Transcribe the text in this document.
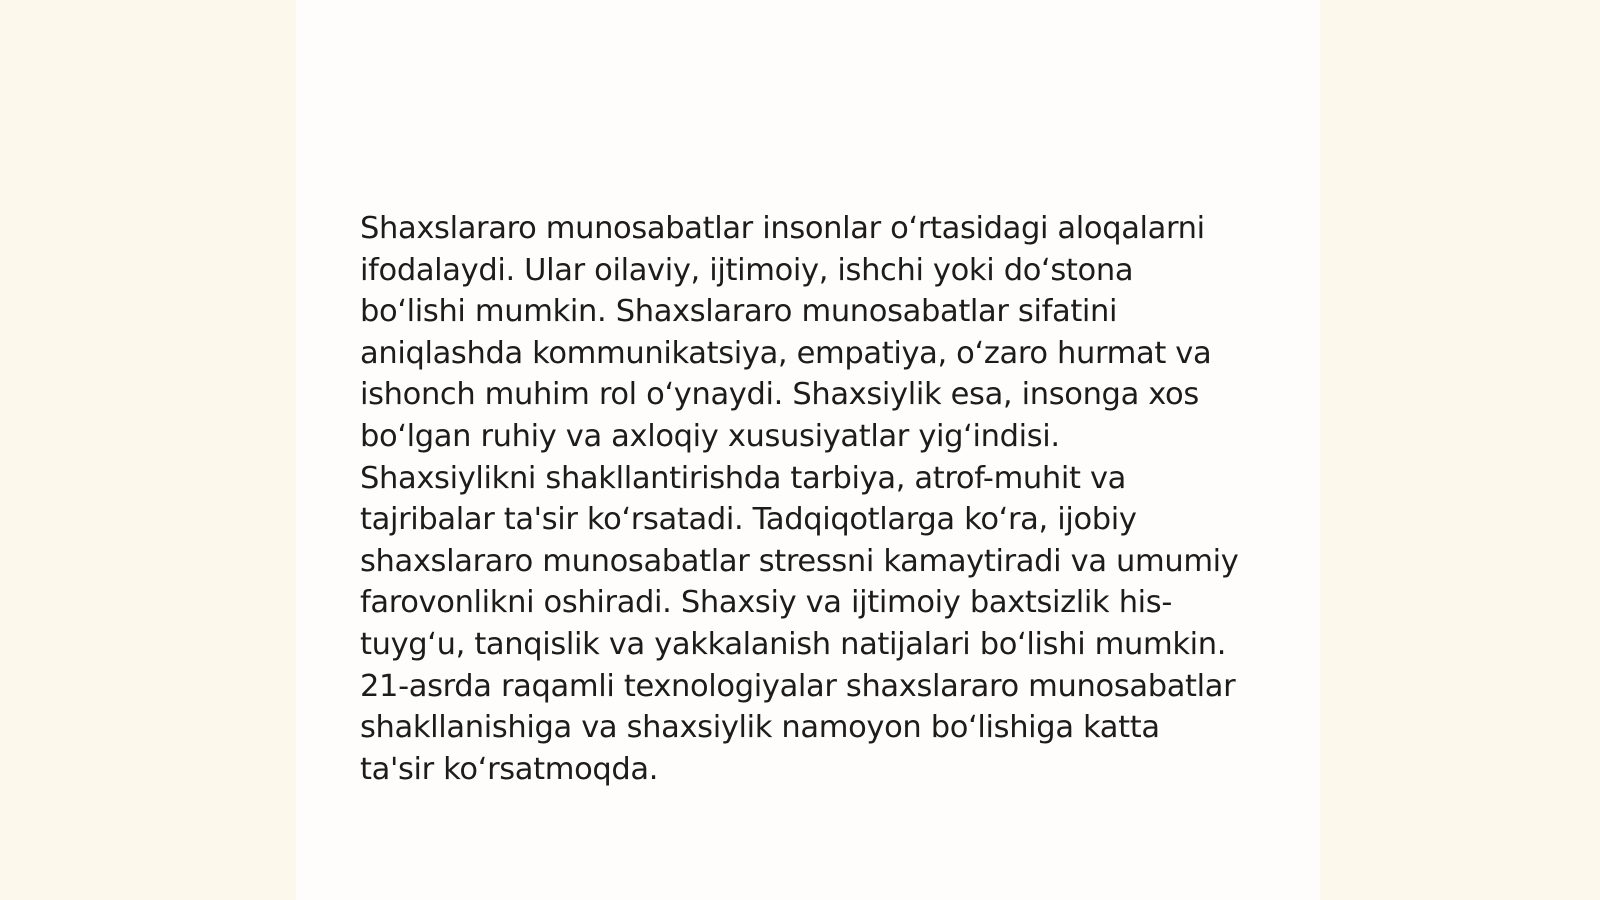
Shaxslararo munosabatlar insonlar o‘rtasidagi aloqalarni ifodalaydi. Ular oilaviy, ijtimoiy, ishchi yoki do‘stona bo‘lishi mumkin. Shaxslararo munosabatlar sifatini aniqlashda kommunikatsiya, empatiya, o‘zaro hurmat va ishonch muhim rol o‘ynaydi. Shaxsiylik esa, insonga xos bo‘lgan ruhiy va axloqiy xususiyatlar yig‘indisi. Shaxsiylikni shakllantirishda tarbiya, atrof-muhit va tajribalar ta'sir ko‘rsatadi. Tadqiqotlarga ko‘ra, ijobiy shaxslararo munosabatlar stressni kamaytiradi va umumiy farovonlikni oshiradi. Shaxsiy va ijtimoiy baxtsizlik his-tuyg‘u, tanqislik va yakkalanish natijalari bo‘lishi mumkin. 21-asrda raqamli texnologiyalar shaxslararo munosabatlar shakllanishiga va shaxsiylik namoyon bo‘lishiga katta ta'sir ko‘rsatmoqda.
